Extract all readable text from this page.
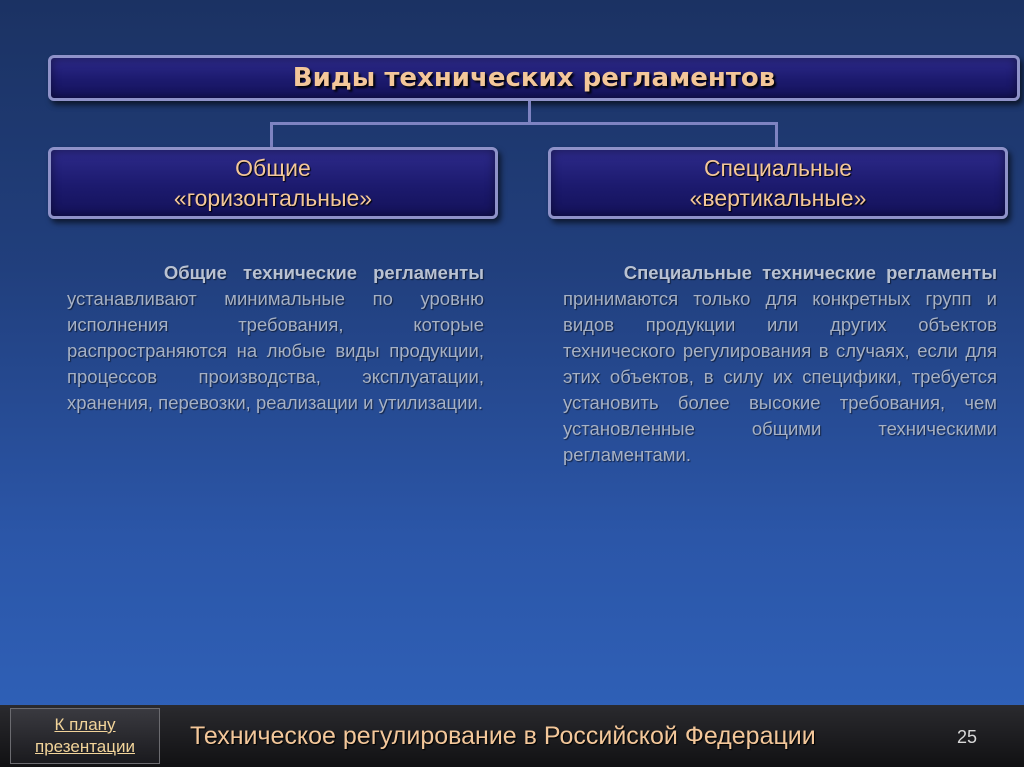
Виды технических регламентов
Общие
«горизонтальные»
Специальные
«вертикальные»
Общие технические регламенты устанавливают минимальные по уровню исполнения требования, которые распространяются на любые виды продукции, процессов производства, эксплуатации, хранения, перевозки, реализации и утилизации.
Специальные технические регламенты принимаются только для конкретных групп и видов продукции или других объектов технического регулирования в случаях, если для этих объектов, в силу их специфики, требуется установить более высокие требования, чем установленные общими техническими регламентами.
К плану
презентации Техническое регулирование в Российской Федерации	25
